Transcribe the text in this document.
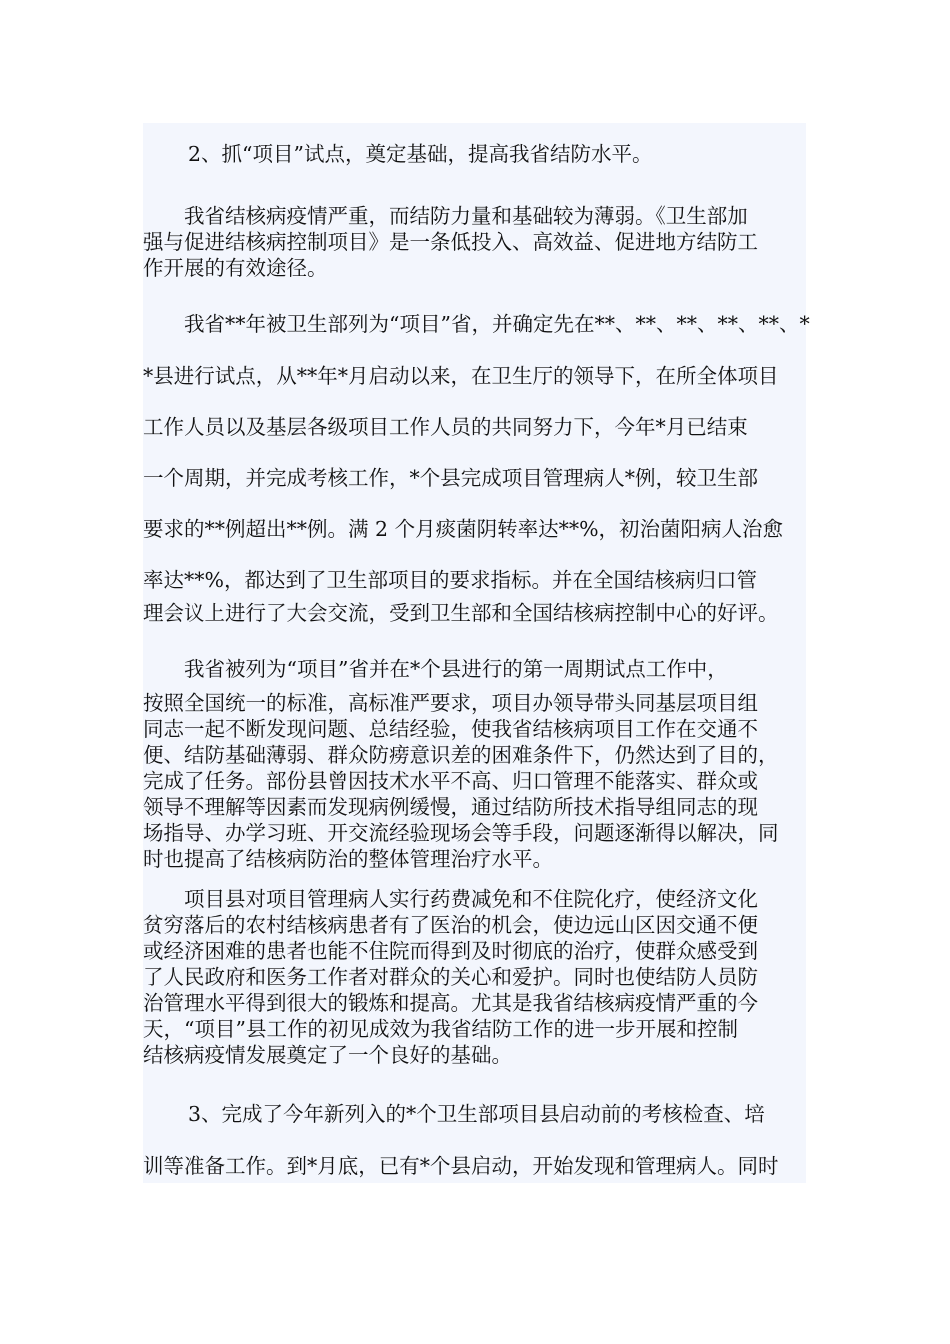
2、抓“项目”试点，奠定基础，提高我省结防水平。
我省结核病疫情严重，而结防力量和基础较为薄弱。《卫生部加
强与促进结核病控制项目》是一条低投入、高效益、促进地方结防工
作开展的有效途径。
我省**年被卫生部列为“项目”省，并确定先在**、**、**、**、**、*
*县进行试点，从**年*月启动以来，在卫生厅的领导下，在所全体项目
工作人员以及基层各级项目工作人员的共同努力下，今年*月已结束
一个周期，并完成考核工作，*个县完成项目管理病人*例，较卫生部
要求的**例超出**例。满 2 个月痰菌阴转率达**%，初治菌阳病人治愈
率达**%，都达到了卫生部项目的要求指标。并在全国结核病归口管
理会议上进行了大会交流，受到卫生部和全国结核病控制中心的好评。
我省被列为“项目”省并在*个县进行的第一周期试点工作中，
按照全国统一的标准，高标准严要求，项目办领导带头同基层项目组
同志一起不断发现问题、总结经验，使我省结核病项目工作在交通不
便、结防基础薄弱、群众防痨意识差的困难条件下，仍然达到了目的，
完成了任务。部份县曾因技术水平不高、归口管理不能落实、群众或
领导不理解等因素而发现病例缓慢，通过结防所技术指导组同志的现
场指导、办学习班、开交流经验现场会等手段，问题逐渐得以解决，同
时也提高了结核病防治的整体管理治疗水平。
项目县对项目管理病人实行药费减免和不住院化疗，使经济文化
贫穷落后的农村结核病患者有了医治的机会，使边远山区因交通不便
或经济困难的患者也能不住院而得到及时彻底的治疗，使群众感受到
了人民政府和医务工作者对群众的关心和爱护。同时也使结防人员防
治管理水平得到很大的锻炼和提高。尤其是我省结核病疫情严重的今
天，“项目”县工作的初见成效为我省结防工作的进一步开展和控制
结核病疫情发展奠定了一个良好的基础。
3、完成了今年新列入的*个卫生部项目县启动前的考核检查、培
训等准备工作。到*月底，已有*个县启动，开始发现和管理病人。同时
